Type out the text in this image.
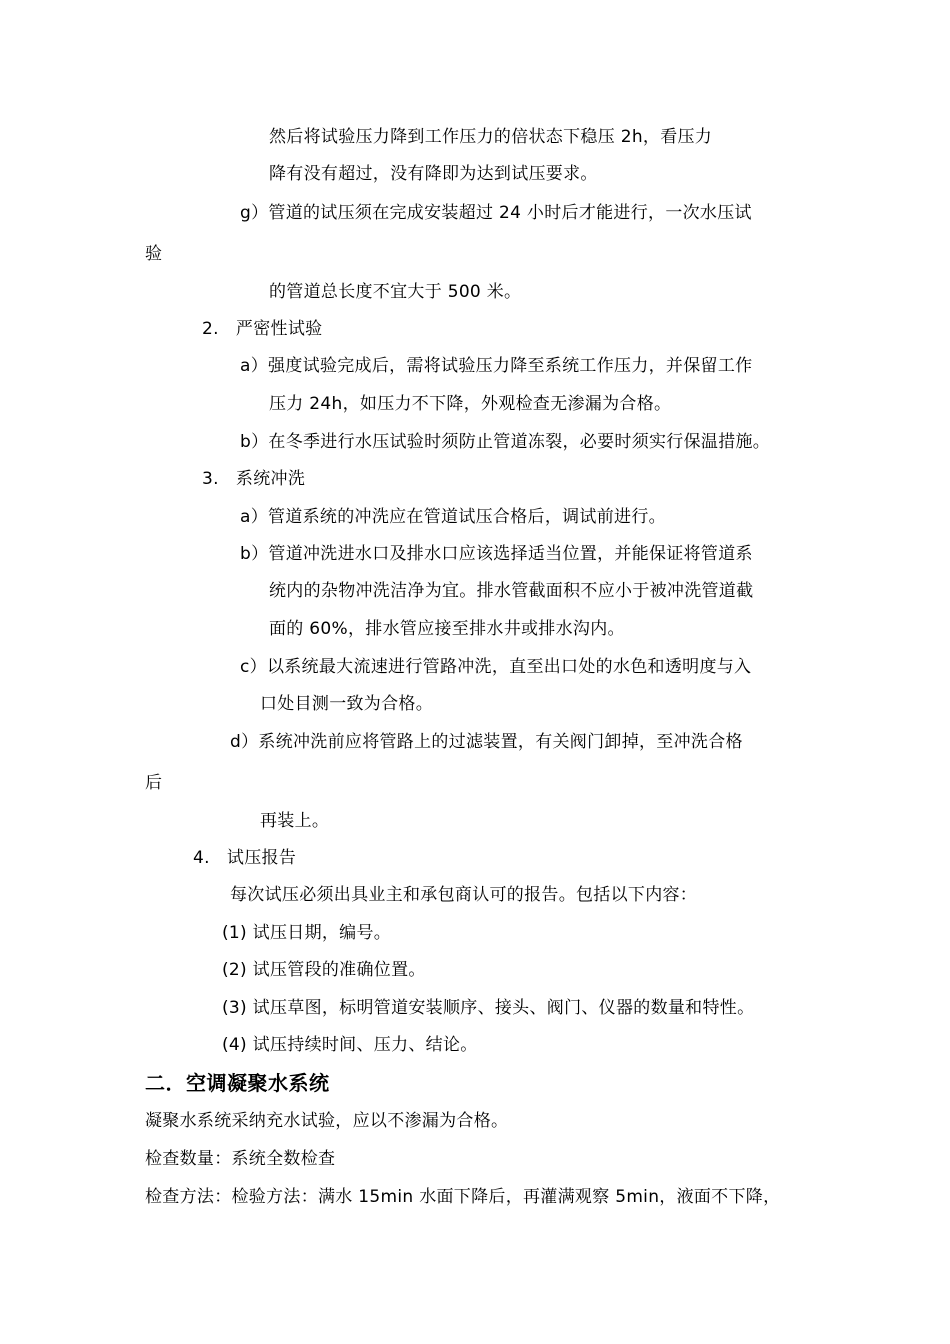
然后将试验压力降到工作压力的倍状态下稳压 2h，看压力
降有没有超过，没有降即为达到试压要求。
g）管道的试压须在完成安装超过 24 小时后才能进行，一次水压试
验
的管道总长度不宜大于 500 米。
2.   严密性试验
a）强度试验完成后，需将试验压力降至系统工作压力，并保留工作
压力 24h，如压力不下降，外观检查无渗漏为合格。
b）在冬季进行水压试验时须防止管道冻裂，必要时须实行保温措施。
3.   系统冲洗
a）管道系统的冲洗应在管道试压合格后，调试前进行。
b）管道冲洗进水口及排水口应该选择适当位置，并能保证将管道系
统内的杂物冲洗洁净为宜。排水管截面积不应小于被冲洗管道截
面的 60%，排水管应接至排水井或排水沟内。
c）以系统最大流速进行管路冲洗，直至出口处的水色和透明度与入
口处目测一致为合格。
d）系统冲洗前应将管路上的过滤装置，有关阀门卸掉，至冲洗合格
后
再装上。
4.   试压报告
每次试压必须出具业主和承包商认可的报告。包括以下内容：
(1) 试压日期，编号。
(2) 试压管段的准确位置。
(3) 试压草图，标明管道安装顺序、接头、阀门、仪器的数量和特性。
(4) 试压持续时间、压力、结论。
二．空调凝聚水系统
凝聚水系统采纳充水试验，应以不渗漏为合格。
检查数量：系统全数检查
检查方法：检验方法：满水 15min 水面下降后，再灌满观察 5min，液面不下降，
